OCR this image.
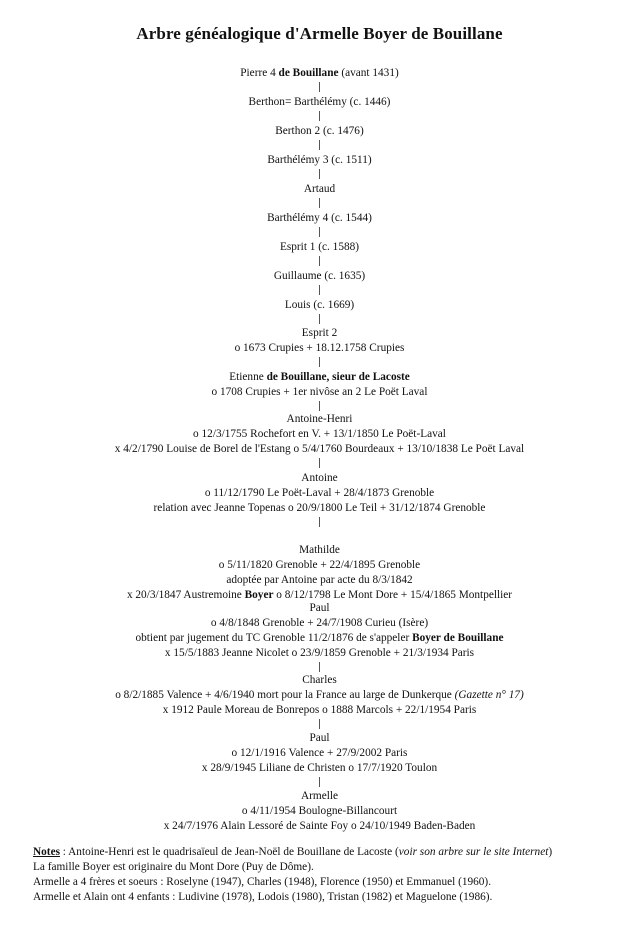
Arbre généalogique d'Armelle Boyer de Bouillane
Pierre 4 de Bouillane (avant 1431)
Berthon= Barthélémy (c. 1446)
Berthon 2 (c. 1476)
Barthélémy 3 (c. 1511)
Artaud
Barthélémy 4 (c. 1544)
Esprit 1 (c. 1588)
Guillaume (c. 1635)
Louis (c. 1669)
Esprit 2
o 1673 Crupies + 18.12.1758 Crupies
Etienne de Bouillane, sieur de Lacoste
o 1708 Crupies + 1er nivôse an 2 Le Poët Laval
Antoine-Henri
o 12/3/1755 Rochefort en V. + 13/1/1850 Le Poët-Laval
x 4/2/1790 Louise de Borel de l'Estang o 5/4/1760 Bourdeaux + 13/10/1838 Le Poët Laval
Antoine
o 11/12/1790 Le Poët-Laval + 28/4/1873 Grenoble
relation avec Jeanne Topenas o 20/9/1800 Le Teil + 31/12/1874 Grenoble
Mathilde
o 5/11/1820 Grenoble + 22/4/1895 Grenoble
adoptée par Antoine par acte du 8/3/1842
x 20/3/1847 Austremoine Boyer o 8/12/1798 Le Mont Dore + 15/4/1865 Montpellier
Paul
o 4/8/1848 Grenoble + 24/7/1908 Curieu (Isère)
obtient par jugement du TC Grenoble 11/2/1876 de s'appeler Boyer de Bouillane
x 15/5/1883 Jeanne Nicolet o 23/9/1859 Grenoble + 21/3/1934 Paris
Charles
o 8/2/1885 Valence + 4/6/1940 mort pour la France au large de Dunkerque (Gazette n° 17)
x 1912 Paule Moreau de Bonrepos o 1888 Marcols + 22/1/1954 Paris
Paul
o 12/1/1916 Valence + 27/9/2002 Paris
x 28/9/1945 Liliane de Christen o 17/7/1920 Toulon
Armelle
o 4/11/1954 Boulogne-Billancourt
x 24/7/1976 Alain Lessoré de Sainte Foy o 24/10/1949 Baden-Baden
Notes : Antoine-Henri est le quadrisaïeul de Jean-Noël de Bouillane de Lacoste (voir son arbre sur le site Internet)
La famille Boyer est originaire du Mont Dore (Puy de Dôme).
Armelle a 4 frères et soeurs : Roselyne (1947), Charles (1948), Florence (1950) et Emmanuel (1960).
Armelle et Alain ont 4 enfants : Ludivine (1978), Lodois (1980), Tristan (1982) et Maguelone (1986).
